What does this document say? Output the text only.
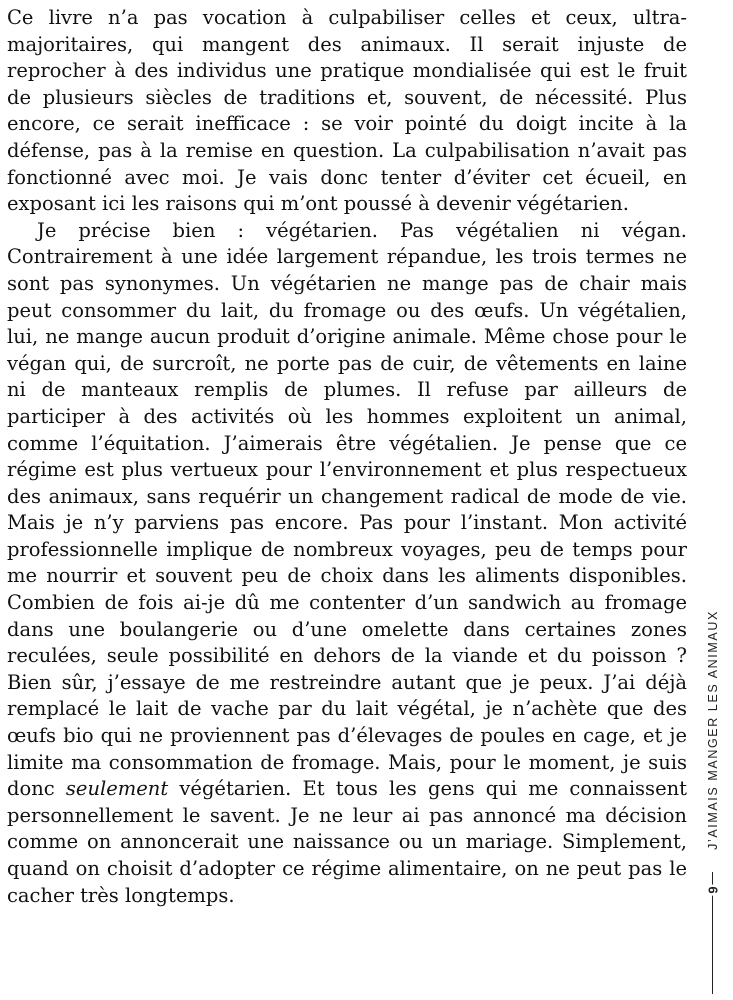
Ce livre n’a pas vocation à culpabiliser celles et ceux, ultramajoritaires, qui mangent des animaux. Il serait injuste de reprocher à des individus une pratique mondialisée qui est le fruit de plusieurs siècles de traditions et, souvent, de nécessité. Plus encore, ce serait inefficace : se voir pointé du doigt incite à la défense, pas à la remise en question. La culpabilisation n’avait pas fonctionné avec moi. Je vais donc tenter d’éviter cet écueil, en exposant ici les raisons qui m’ont poussé à devenir végétarien.

Je précise bien : végétarien. Pas végétalien ni végan. Contrairement à une idée largement répandue, les trois termes ne sont pas synonymes. Un végétarien ne mange pas de chair mais peut consommer du lait, du fromage ou des œufs. Un végétalien, lui, ne mange aucun produit d’origine animale. Même chose pour le végan qui, de surcroît, ne porte pas de cuir, de vêtements en laine ni de manteaux remplis de plumes. Il refuse par ailleurs de participer à des activités où les hommes exploitent un animal, comme l’équitation. J’aimerais être végétalien. Je pense que ce régime est plus vertueux pour l’environnement et plus respectueux des animaux, sans requérir un changement radical de mode de vie. Mais je n’y parviens pas encore. Pas pour l’instant. Mon activité professionnelle implique de nombreux voyages, peu de temps pour me nourrir et souvent peu de choix dans les aliments disponibles. Combien de fois ai-je dû me contenter d’un sandwich au fromage dans une boulangerie ou d’une omelette dans certaines zones reculées, seule possibilité en dehors de la viande et du poisson ? Bien sûr, j’essaye de me restreindre autant que je peux. J’ai déjà remplacé le lait de vache par du lait végétal, je n’achète que des œufs bio qui ne proviennent pas d’élevages de poules en cage, et je limite ma consommation de fromage. Mais, pour le moment, je suis donc seulement végétarien. Et tous les gens qui me connaissent personnellement le savent. Je ne leur ai pas annoncé ma décision comme on annoncerait une naissance ou un mariage. Simplement, quand on choisit d’adopter ce régime alimentaire, on ne peut pas le cacher très longtemps.

J’AIMAIS MANGER LES ANIMAUX
9
